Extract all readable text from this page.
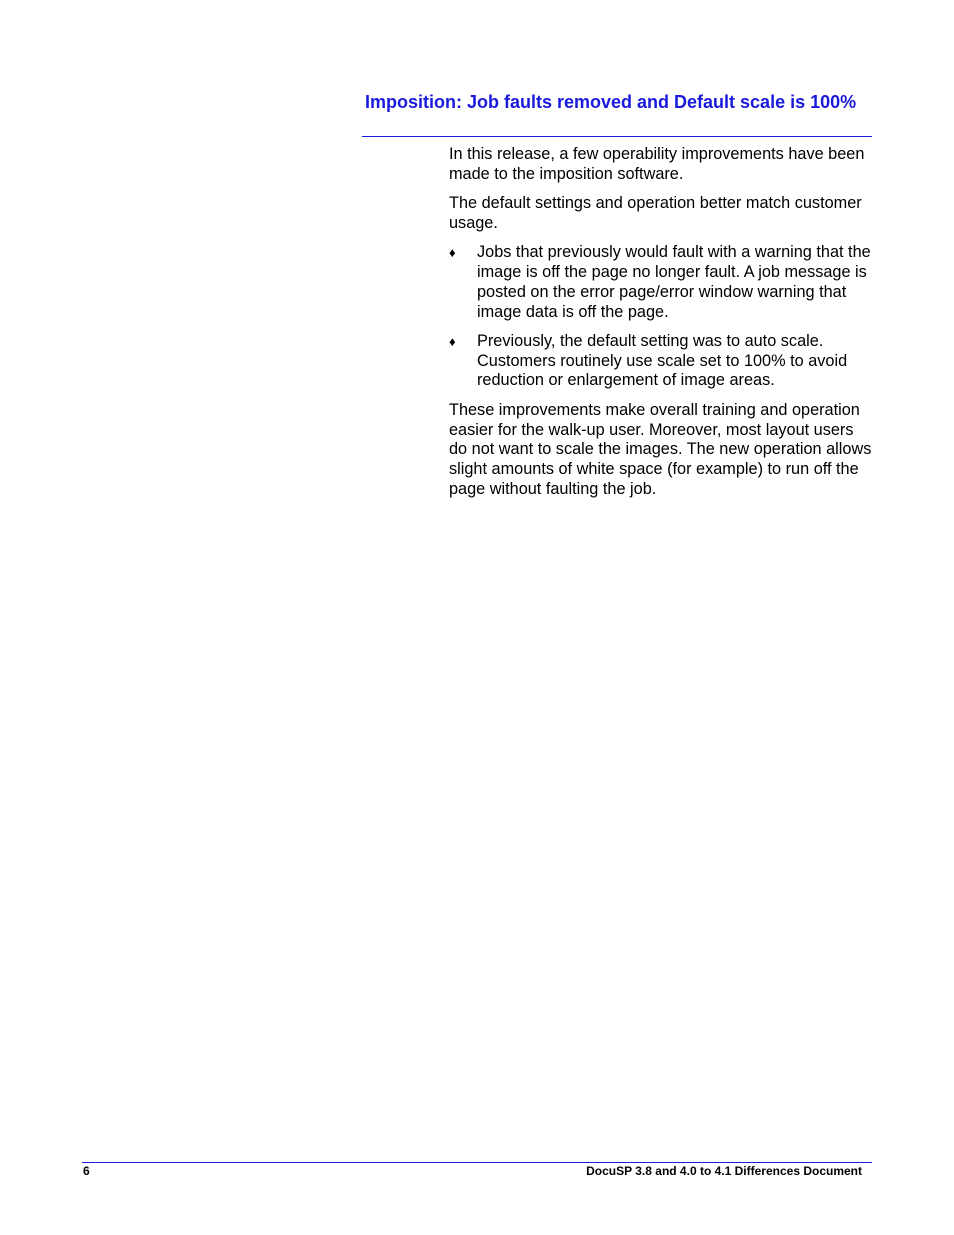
Imposition: Job faults removed and Default scale is 100%

In this release, a few operability improvements have been made to the imposition software.

The default settings and operation better match customer usage.

♦ Jobs that previously would fault with a warning that the image is off the page no longer fault. A job message is posted on the error page/error window warning that image data is off the page.
♦ Previously, the default setting was to auto scale. Customers routinely use scale set to 100% to avoid reduction or enlargement of image areas.

These improvements make overall training and operation easier for the walk-up user. Moreover, most layout users do not want to scale the images. The new operation allows slight amounts of white space (for example) to run off the page without faulting the job.

6	DocuSP 3.8 and 4.0 to 4.1 Differences Document
